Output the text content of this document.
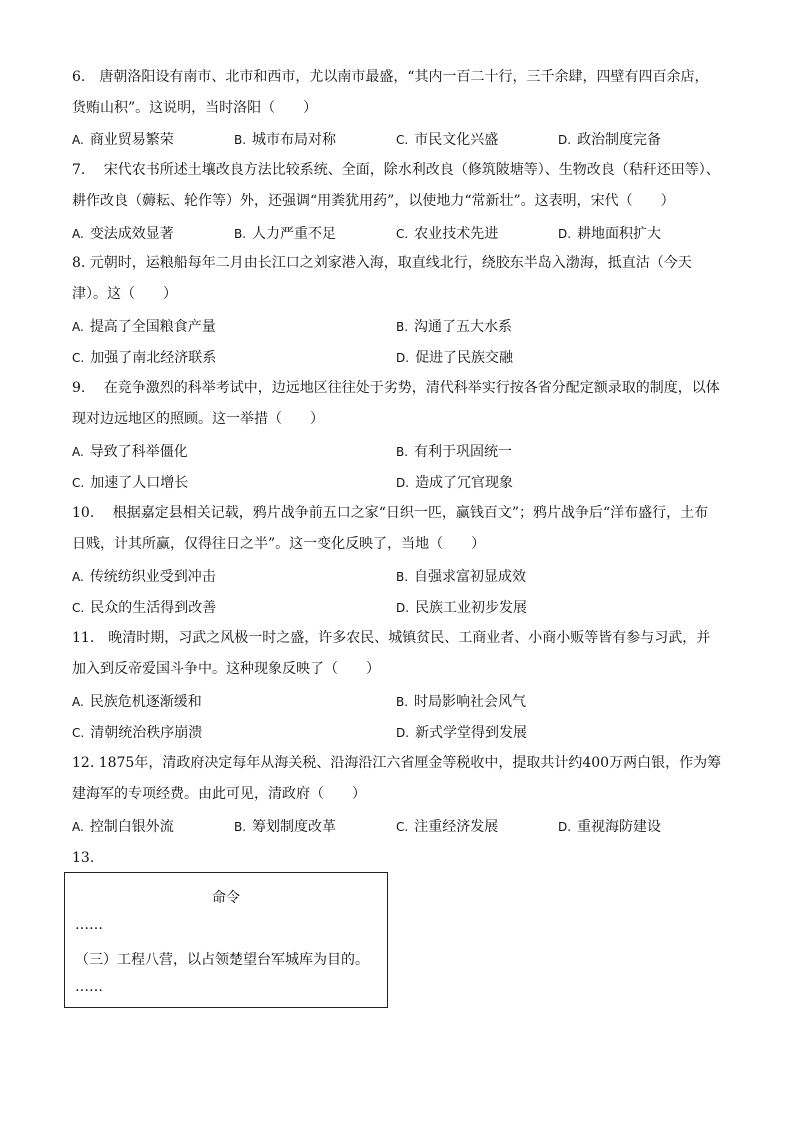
6.　唐朝洛阳设有南市、北市和西市，尤以南市最盛，“其内一百二十行，三千余肆，四壁有四百余店，货贿山积”。这说明，当时洛阳（　　）

A. 商业贸易繁荣	B. 城市布局对称	C. 市民文化兴盛	D. 政治制度完备

7.　 宋代农书所述土壤改良方法比较系统、全面，除水利改良（修筑陂塘等）、生物改良（秸秆还田等）、耕作改良（薅耘、轮作等）外，还强调“用粪犹用药”，以使地力“常新壮”。这表明，宋代（　　）

A. 变法成效显著	B. 人力严重不足	C. 农业技术先进	D. 耕地面积扩大

8. 元朝时，运粮船每年二月由长江口之刘家港入海，取直线北行，绕胶东半岛入渤海，抵直沽（今天津）。这（　　）

A. 提高了全国粮食产量	B. 沟通了五大水系
C. 加强了南北经济联系	D. 促进了民族交融

9.　 在竞争激烈的科举考试中，边远地区往往处于劣势，清代科举实行按各省分配定额录取的制度，以体现对边远地区的照顾。这一举措（　　）

A. 导致了科举僵化	B. 有利于巩固统一
C. 加速了人口增长	D. 造成了冗官现象

10.　 根据嘉定县相关记载，鸦片战争前五口之家“日织一匹，赢钱百文”；鸦片战争后“洋布盛行，土布日贱，计其所赢，仅得往日之半”。这一变化反映了，当地（　　）

A. 传统纺织业受到冲击	B. 自强求富初显成效
C. 民众的生活得到改善	D. 民族工业初步发展

11.　晚清时期，习武之风极一时之盛，许多农民、城镇贫民、工商业者、小商小贩等皆有参与习武，并加入到反帝爱国斗争中。这种现象反映了（　　）

A. 民族危机逐渐缓和	B. 时局影响社会风气
C. 清朝统治秩序崩溃	D. 新式学堂得到发展

12. 1875年，清政府决定每年从海关税、沿海沿江六省厘金等税收中，提取共计约400万两白银，作为筹建海军的专项经费。由此可见，清政府（　　）

A. 控制白银外流	B. 筹划制度改革	C. 注重经济发展	D. 重视海防建设
13.
命令
……
（三）工程八营，以占领楚望台军城库为目的。
……
